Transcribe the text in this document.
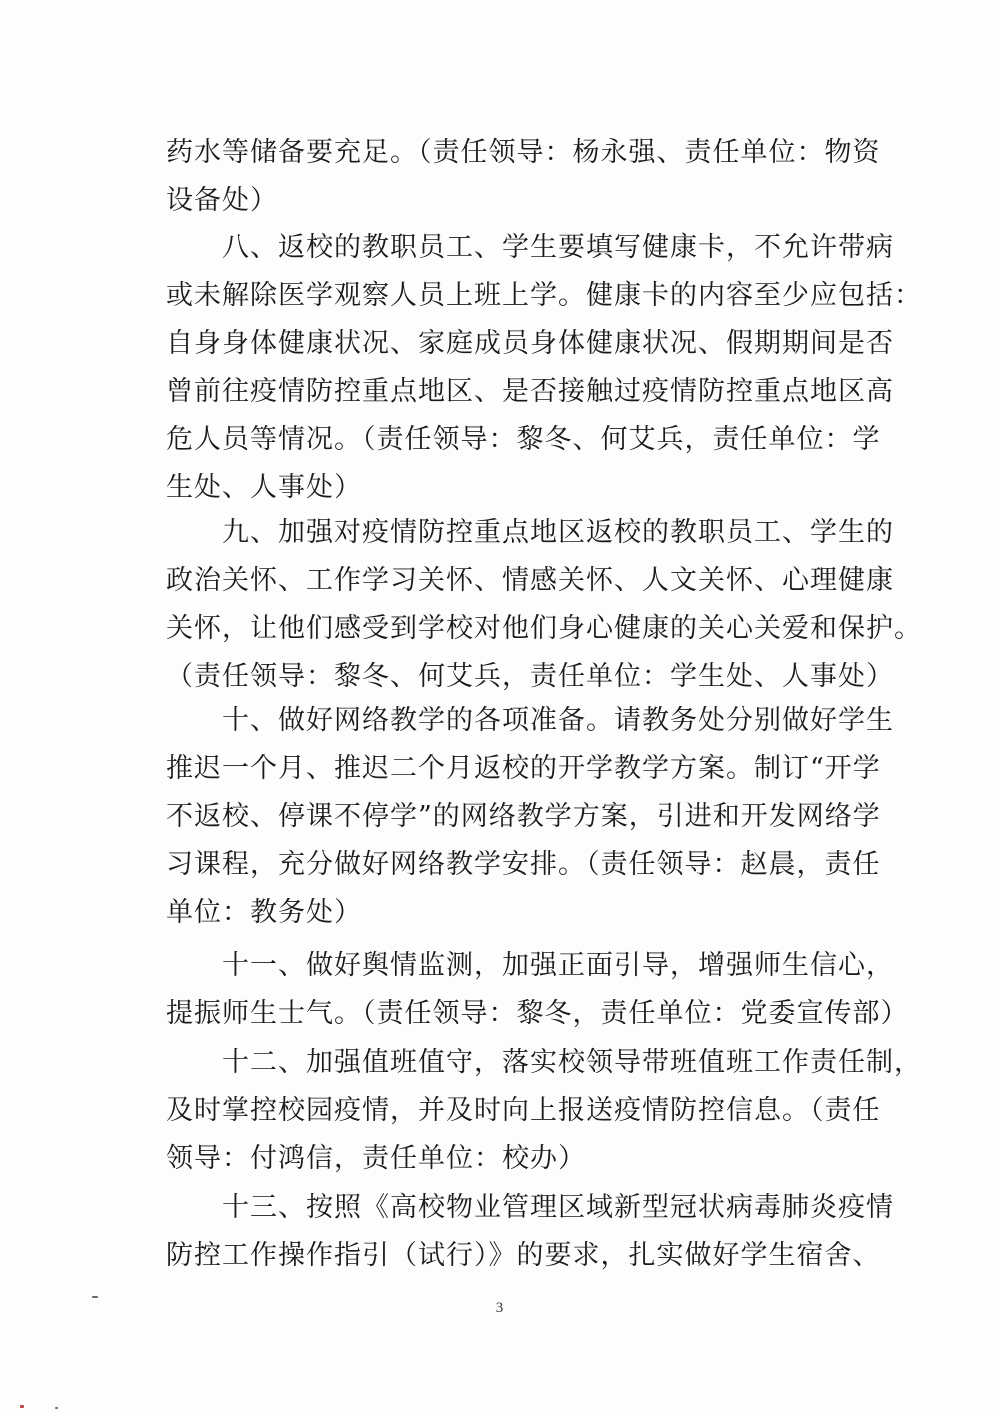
药水等储备要充足。（责任领导：杨永强、责任单位：物资
设备处）
八、返校的教职员工、学生要填写健康卡，不允许带病
或未解除医学观察人员上班上学。健康卡的内容至少应包括：
自身身体健康状况、家庭成员身体健康状况、假期期间是否
曾前往疫情防控重点地区、是否接触过疫情防控重点地区高
危人员等情况。（责任领导：黎冬、何艾兵，责任单位：学
生处、人事处）
九、加强对疫情防控重点地区返校的教职员工、学生的
政治关怀、工作学习关怀、情感关怀、人文关怀、心理健康
关怀，让他们感受到学校对他们身心健康的关心关爱和保护。
（责任领导：黎冬、何艾兵，责任单位：学生处、人事处）
十、做好网络教学的各项准备。请教务处分别做好学生
推迟一个月、推迟二个月返校的开学教学方案。制订“开学
不返校、停课不停学”的网络教学方案，引进和开发网络学
习课程，充分做好网络教学安排。（责任领导：赵晨，责任
单位：教务处）
十一、做好舆情监测，加强正面引导，增强师生信心，
提振师生士气。（责任领导：黎冬，责任单位：党委宣传部）
十二、加强值班值守，落实校领导带班值班工作责任制，
及时掌控校园疫情，并及时向上报送疫情防控信息。（责任
领导：付鸿信，责任单位：校办）
十三、按照《高校物业管理区域新型冠状病毒肺炎疫情
防控工作操作指引（试行）》的要求，扎实做好学生宿舍、
3
